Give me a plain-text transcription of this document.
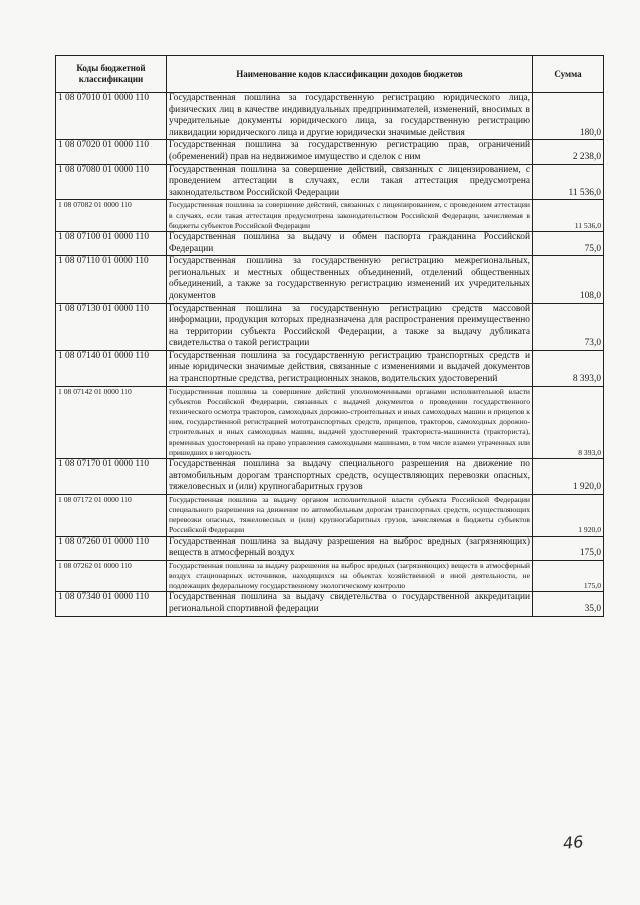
Коды бюджетной классификации	Наименование кодов классификации доходов бюджетов	Сумма
1 08 07010 01 0000 110	Государственная пошлина за государственную регистрацию юридического лица, физических лиц в качестве индивидуальных предпринимателей, изменений, вносимых в учредительные документы юридического лица, за государственную регистрацию ликвидации юридического лица и другие юридически значимые действия	180,0
1 08 07020 01 0000 110	Государственная пошлина за государственную регистрацию прав, ограничений (обременений) прав на недвижимое имущество и сделок с ним	2 238,0
1 08 07080 01 0000 110	Государственная пошлина за совершение действий, связанных с лицензированием, с проведением аттестации в случаях, если такая аттестация предусмотрена законодательством Российской Федерации	11 536,0
1 08 07082 01 0000 110	Государственная пошлина за совершение действий, связанных с лицензированием, с проведением аттестации в случаях, если такая аттестация предусмотрена законодательством Российской Федерации, зачисляемая в бюджеты субъектов Российской Федерации	11 536,0
1 08 07100 01 0000 110	Государственная пошлина за выдачу и обмен паспорта гражданина Российской Федерации	75,0
1 08 07110 01 0000 110	Государственная пошлина за государственную регистрацию межрегиональных, региональных и местных общественных объединений, отделений общественных объединений, а также за государственную регистрацию изменений их учредительных документов	108,0
1 08 07130 01 0000 110	Государственная пошлина за государственную регистрацию средств массовой информации, продукция которых предназначена для распространения преимущественно на территории субъекта Российской Федерации, а также за выдачу дубликата свидетельства о такой регистрации	73,0
1 08 07140 01 0000 110	Государственная пошлина за государственную регистрацию транспортных средств и иные юридически значимые действия, связанные с изменениями и выдачей документов на транспортные средства, регистрационных знаков, водительских удостоверений	8 393,0
1 08 07142 01 0000 110	Государственная пошлина за совершение действий уполномоченными органами исполнительной власти субъектов Российской Федерации, связанных с выдачей документов о проведении государственного технического осмотра тракторов, самоходных дорожно-строительных и иных самоходных машин и прицепов к ним, государственной регистрацией мототранспортных средств, прицепов, тракторов, самоходных дорожно-строительных и иных самоходных машин, выдачей удостоверений тракториста-машиниста (тракториста), временных удостоверений на право управления самоходными машинами, в том числе взамен утраченных или пришедших в негодность	8 393,0
1 08 07170 01 0000 110	Государственная пошлина за выдачу специального разрешения на движение по автомобильным дорогам транспортных средств, осуществляющих перевозки опасных, тяжеловесных и (или) крупногабаритных грузов	1 920,0
1 08 07172 01 0000 110	Государственная пошлина за выдачу органом исполнительной власти субъекта Российской Федерации специального разрешения на движение по автомобильным дорогам транспортных средств, осуществляющих перевозки опасных, тяжеловесных и (или) крупногабаритных грузов, зачисляемая в бюджеты субъектов Российской Федерации	1 920,0
1 08 07260 01 0000 110	Государственная пошлина за выдачу разрешения на выброс вредных (загрязняющих) веществ в атмосферный воздух	175,0
1 08 07262 01 0000 110	Государственная пошлина за выдачу разрешения на выброс вредных (загрязняющих) веществ в атмосферный воздух стационарных источников, находящихся на объектах хозяйственной и иной деятельности, не подлежащих федеральному государственному экологическому контролю	175,0
1 08 07340 01 0000 110	Государственная пошлина за выдачу свидетельства о государственной аккредитации региональной спортивной федерации	35,0
46
